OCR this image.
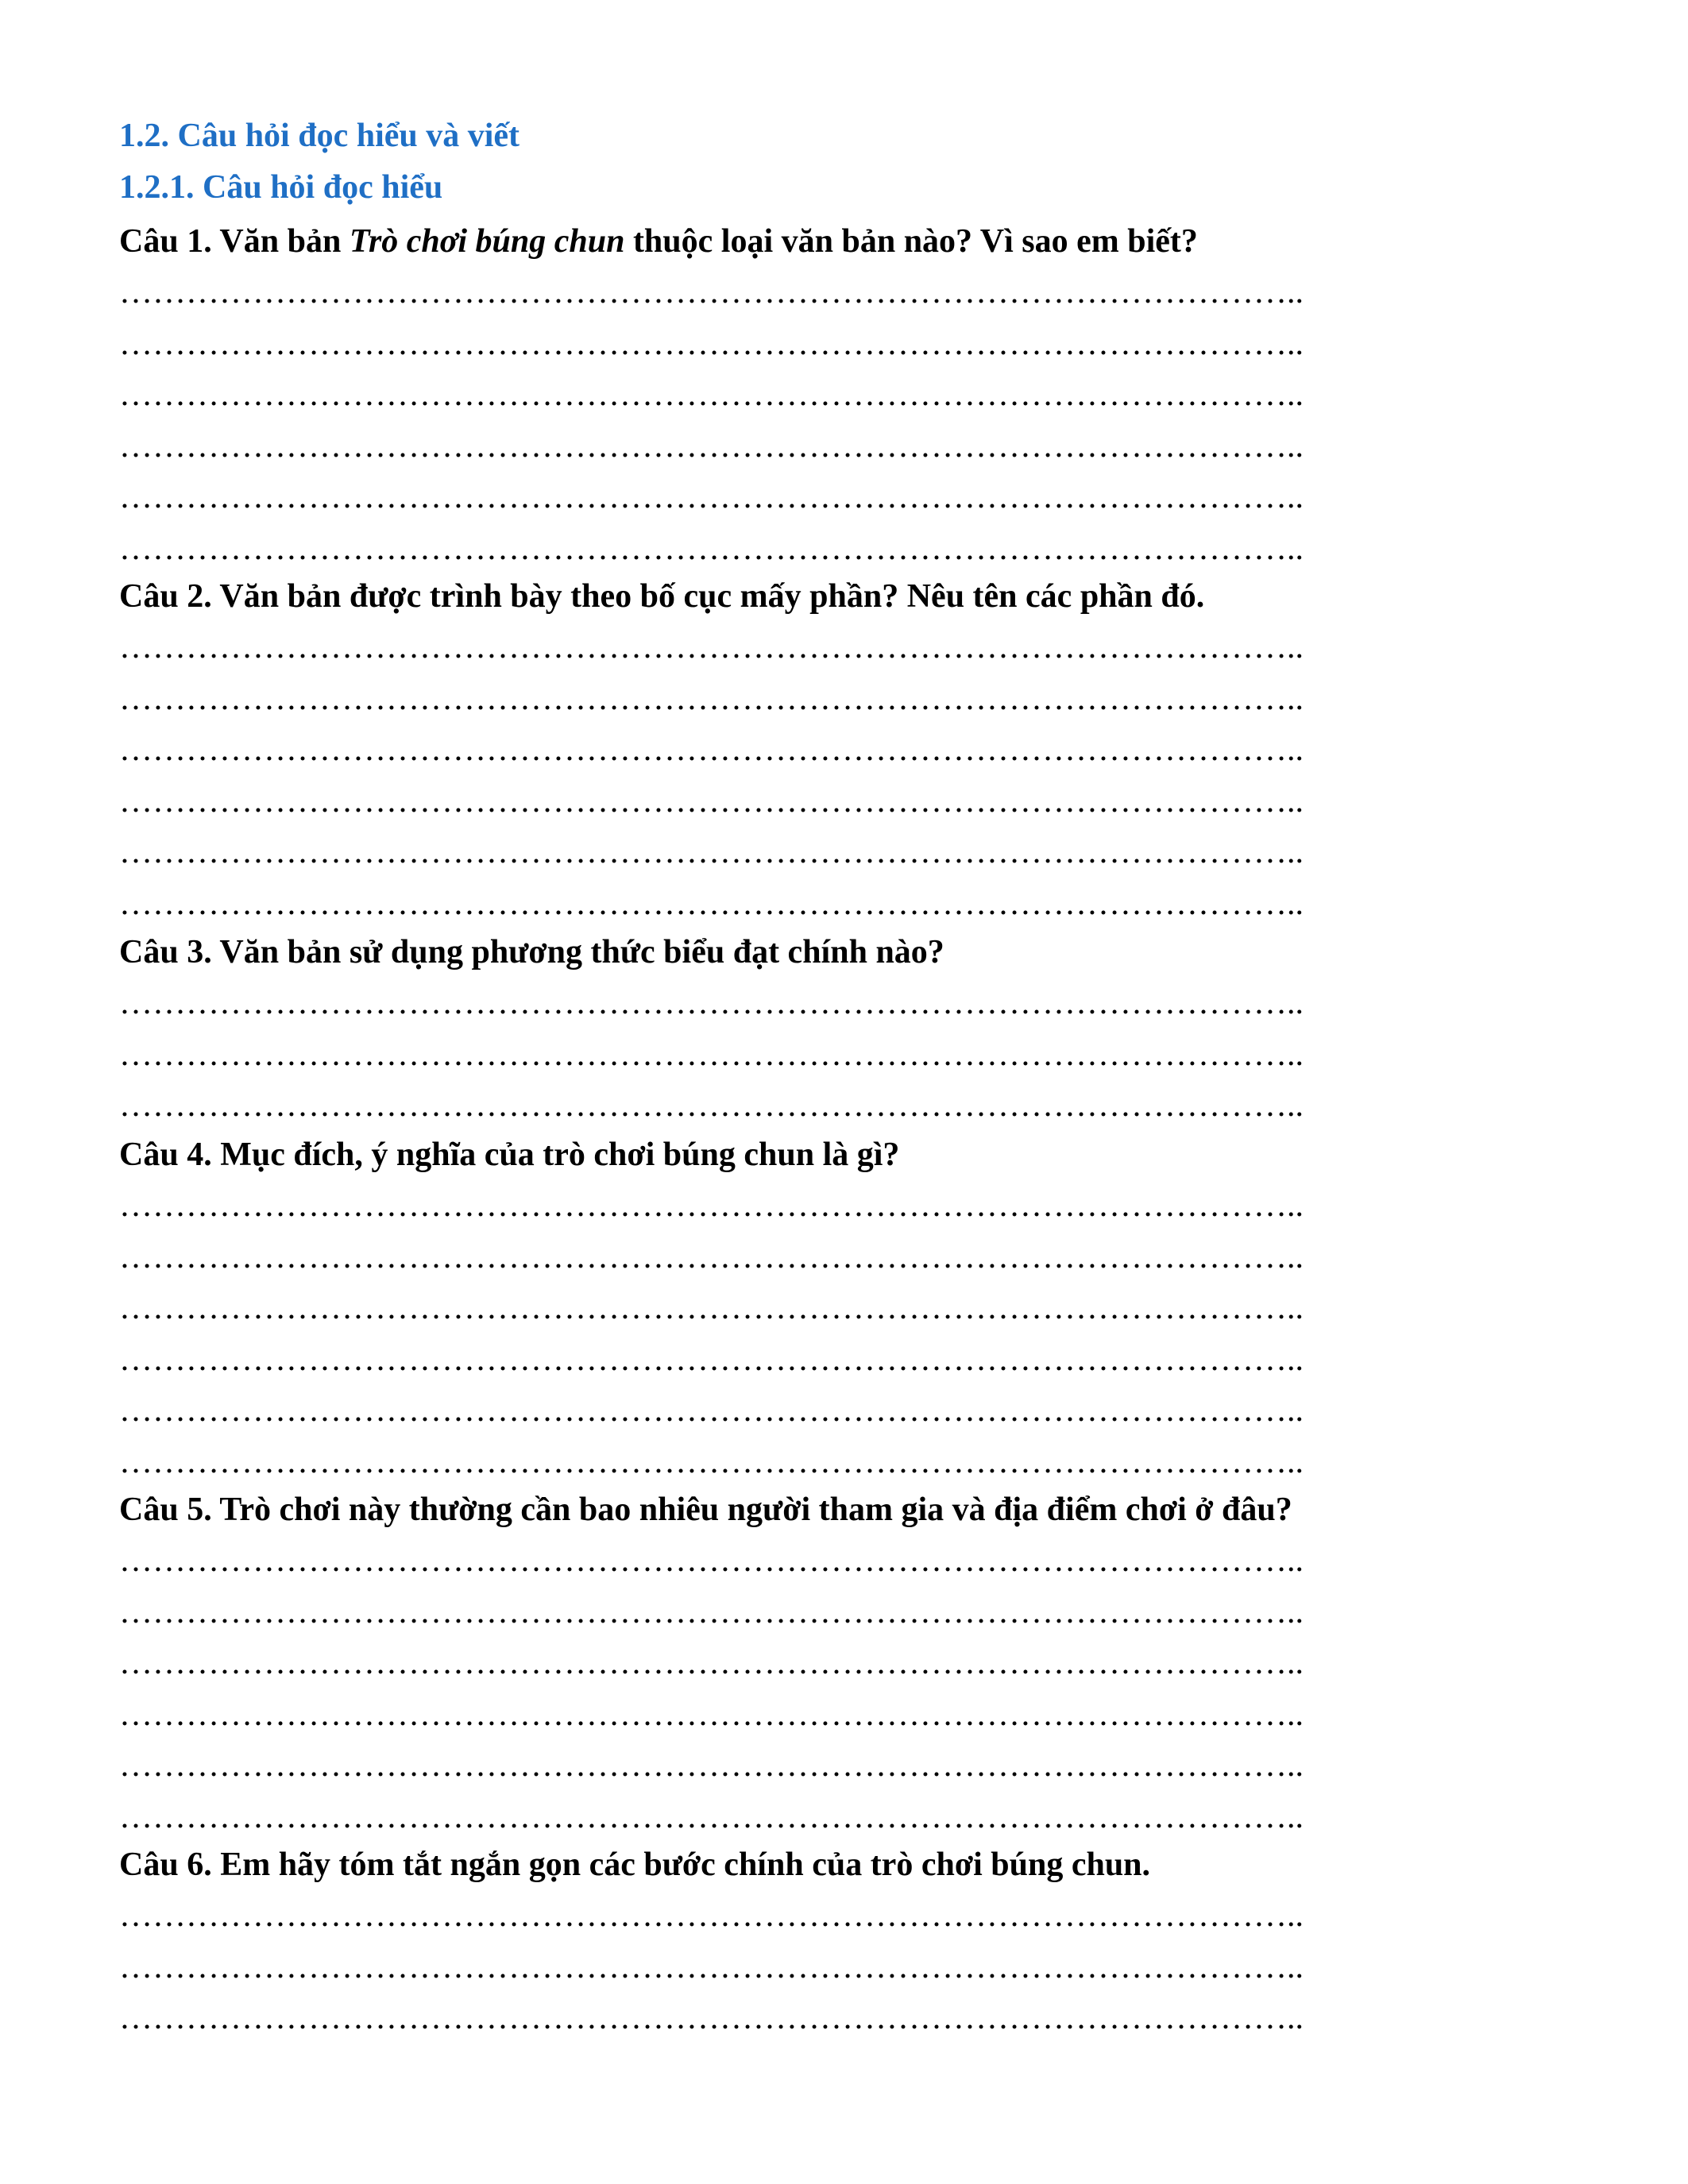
1.2. Câu hỏi đọc hiểu và viết
1.2.1. Câu hỏi đọc hiểu
Câu 1. Văn bản Trò chơi búng chun thuộc loại văn bản nào? Vì sao em biết?
……………………………………………………………………………………………..
……………………………………………………………………………………………..
……………………………………………………………………………………………..
……………………………………………………………………………………………..
……………………………………………………………………………………………..
……………………………………………………………………………………………..
Câu 2. Văn bản được trình bày theo bố cục mấy phần? Nêu tên các phần đó.
……………………………………………………………………………………………..
……………………………………………………………………………………………..
……………………………………………………………………………………………..
……………………………………………………………………………………………..
……………………………………………………………………………………………..
……………………………………………………………………………………………..
Câu 3. Văn bản sử dụng phương thức biểu đạt chính nào?
……………………………………………………………………………………………..
……………………………………………………………………………………………..
……………………………………………………………………………………………..
Câu 4. Mục đích, ý nghĩa của trò chơi búng chun là gì?
……………………………………………………………………………………………..
……………………………………………………………………………………………..
……………………………………………………………………………………………..
……………………………………………………………………………………………..
……………………………………………………………………………………………..
……………………………………………………………………………………………..
Câu 5. Trò chơi này thường cần bao nhiêu người tham gia và địa điểm chơi ở đâu?
……………………………………………………………………………………………..
……………………………………………………………………………………………..
……………………………………………………………………………………………..
……………………………………………………………………………………………..
……………………………………………………………………………………………..
……………………………………………………………………………………………..
Câu 6. Em hãy tóm tắt ngắn gọn các bước chính của trò chơi búng chun.
……………………………………………………………………………………………..
……………………………………………………………………………………………..
……………………………………………………………………………………………..
